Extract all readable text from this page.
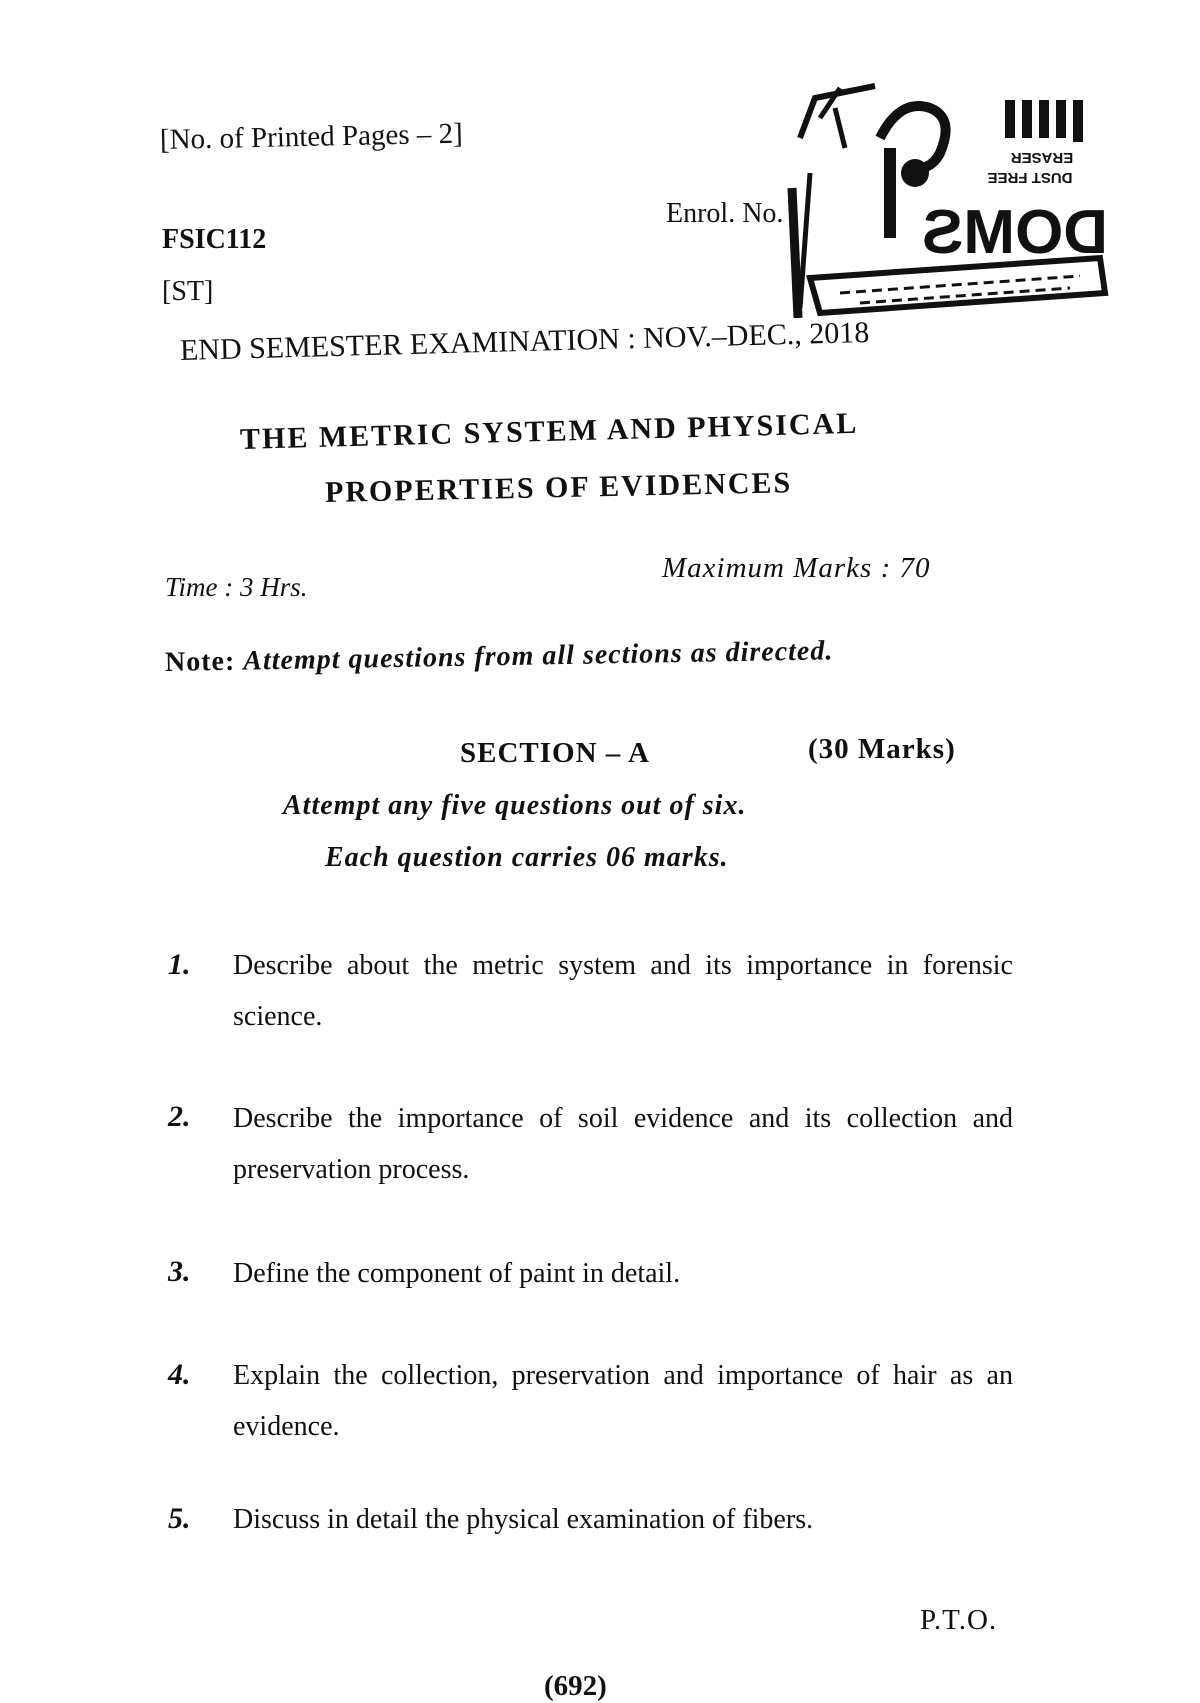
[No. of Printed Pages – 2]
FSIC112
[ST]
Enrol. No.
ERASER
DUST FREE
DOMS
END SEMESTER EXAMINATION : NOV.–DEC., 2018
THE METRIC SYSTEM AND PHYSICAL
PROPERTIES OF EVIDENCES
Time : 3 Hrs.
Maximum Marks : 70
Note: Attempt questions from all sections as directed.
SECTION – A	(30 Marks)
Attempt any five questions out of six.
Each question carries 06 marks.
1. Describe about the metric system and its importance in forensic science.
2. Describe the importance of soil evidence and its collection and preservation process.
3. Define the component of paint in detail.
4. Explain the collection, preservation and importance of hair as an evidence.
5. Discuss in detail the physical examination of fibers.
P.T.O.
(692)
